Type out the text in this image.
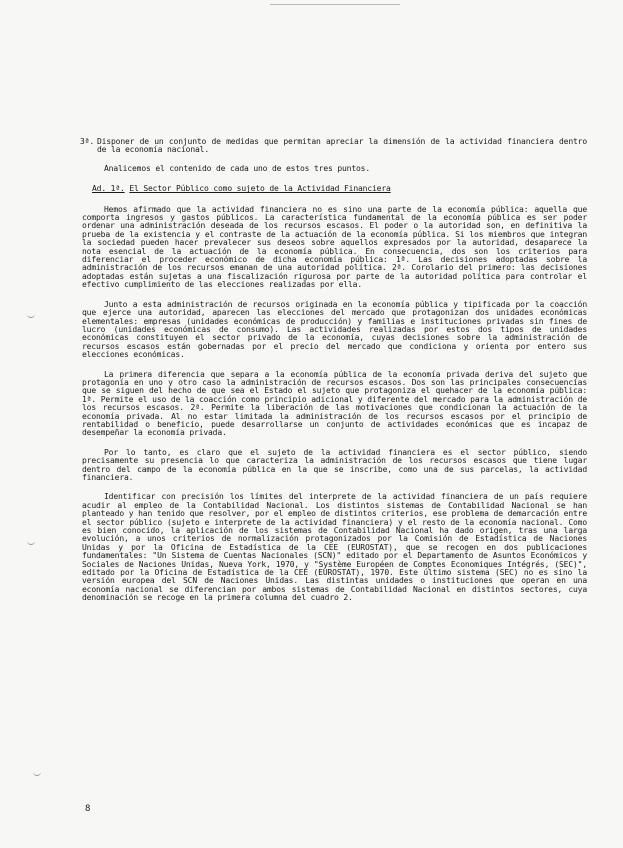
3ª. Disponer de un conjunto de medidas que permitan apreciar la dimensión de la actividad financiera dentro de la economía nacional.
Analicemos el contenido de cada uno de estos tres puntos.
Ad. 1ª. El Sector Público como sujeto de la Actividad Financiera

Hemos afirmado que la actividad financiera no es sino una parte de la economía pública: aquella que comporta ingresos y gastos públicos. La característica fundamental de la economía pública es ser poder ordenar una administración deseada de los recursos escasos. El poder o la autoridad son, en definitiva la prueba de la existencia y el contraste de la actuación de la economía pública. Si los miembros que integran la sociedad pueden hacer prevalecer sus deseos sobre aquellos expresados por la autoridad, desaparece la nota esencial de la actuación de la economía pública. En consecuencia, dos son los criterios para diferenciar el proceder económico de dicha economía pública: 1ª. Las decisiones adoptadas sobre la administración de los recursos emanan de una autoridad política. 2ª. Corolario del primero: las decisiones adoptadas están sujetas a una fiscalización rigurosa por parte de la autoridad política para controlar el efectivo cumplimiento de las elecciones realizadas por ella.

Junto a esta administración de recursos originada en la economía pública y tipificada por la coacción que ejerce una autoridad, aparecen las elecciones del mercado que protagonizan dos unidades económicas elementales: empresas (unidades económicas de producción) y familias e instituciones privadas sin fines de lucro (unidades económicas de consumo). Las actividades realizadas por estos dos tipos de unidades económicas constituyen el sector privado de la economía, cuyas decisiones sobre la administración de recursos escasos están gobernadas por el precio del mercado que condiciona y orienta por entero sus elecciones económicas.

La primera diferencia que separa a la economía pública de la economía privada deriva del sujeto que protagonía en uno y otro caso la administración de recursos escasos. Dos son las principales consecuencias que se siguen del hecho de que sea el Estado el sujeto que protagoniza el quehacer de la economía pública: 1ª. Permite el uso de la coacción como principio adicional y diferente del mercado para la administración de los recursos escasos. 2ª. Permite la liberación de las motivaciones que condicionan la actuación de la economía privada. Al no estar limitada la administración de los recursos escasos por el principio de rentabilidad o beneficio, puede desarrollarse un conjunto de actividades económicas que es incapaz de desempeñar la economía privada.

Por lo tanto, es claro que el sujeto de la actividad financiera es el sector público, siendo precisamente su presencia lo que caracteriza la administración de los recursos escasos que tiene lugar dentro del campo de la economía pública en la que se inscribe, como una de sus parcelas, la actividad financiera.

Identificar con precisión los límites del interprete de la actividad financiera de un país requiere acudir al empleo de la Contabilidad Nacional. Los distintos sistemas de Contabilidad Nacional se han planteado y han tenido que resolver, por el empleo de distintos criterios, ese problema de demarcación entre el sector público (sujeto e interprete de la actividad financiera) y el resto de la economía nacional. Como es bien conocido, la aplicación de los sistemas de Contabilidad Nacional ha dado origen, tras una larga evolución, a unos criterios de normalización protagonizados por la Comisión de Estadística de Naciones Unidas y por la Oficina de Estadística de la CEE (EUROSTAT), que se recogen en dos publicaciones fundamentales: "Un Sistema de Cuentas Nacionales (SCN)" editado por el Departamento de Asuntos Económicos y Sociales de Naciones Unidas, Nueva York, 1970, y "Système Européen de Comptes Economiques Intégrés, (SEC)", editado por la Oficina de Estadística de la CEE (EUROSTAT), 1970. Este último sistema (SEC) no es sino la versión europea del SCN de Naciones Unidas. Las distintas unidades o instituciones que operan en una economía nacional se diferencian por ambos sistemas de Contabilidad Nacional en distintos sectores, cuya denominación se recoge en la primera columna del cuadro 2.

8
